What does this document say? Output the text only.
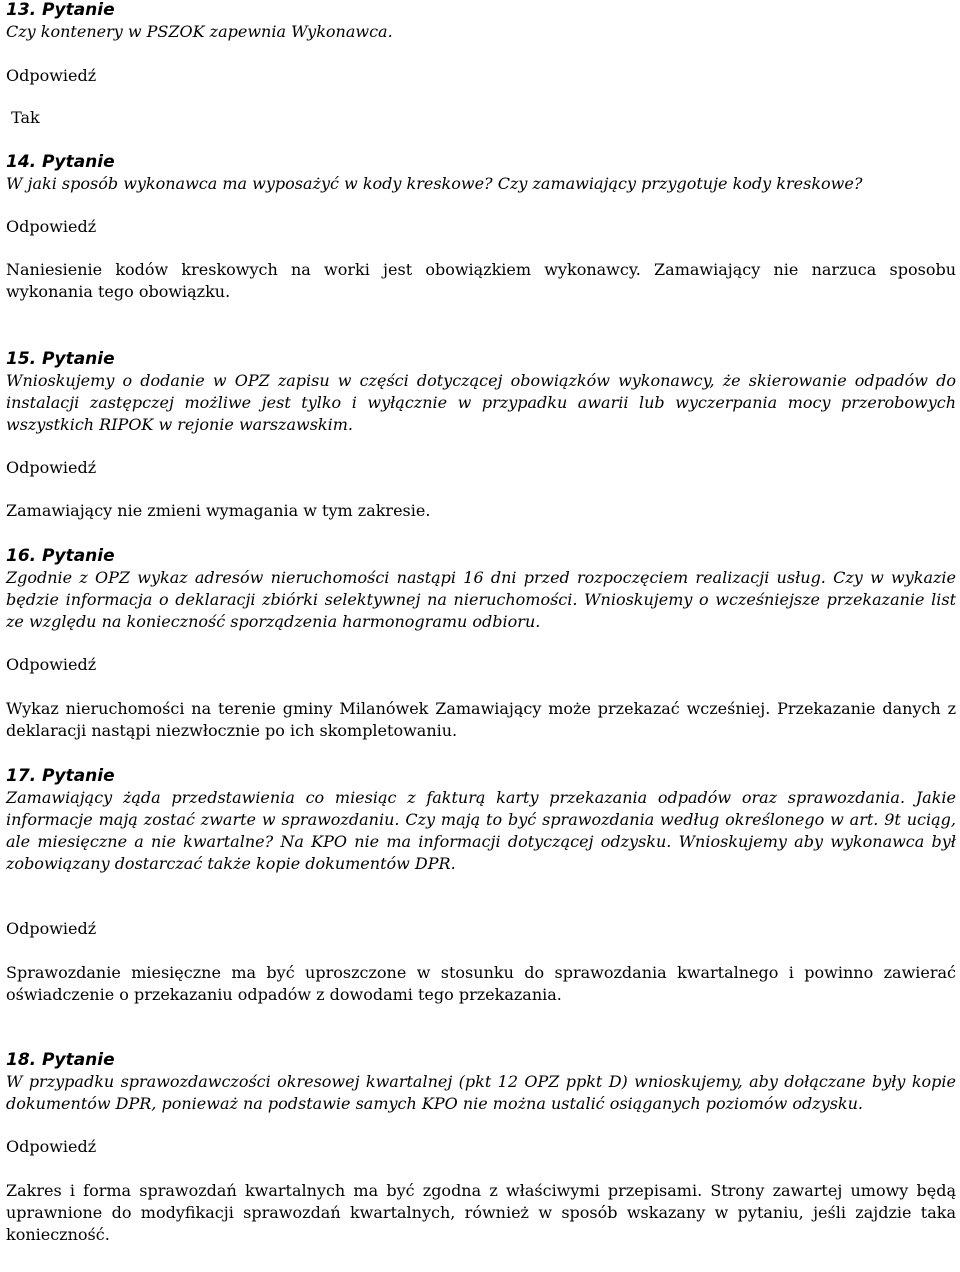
13. Pytanie

Czy kontenery w PSZOK zapewnia Wykonawca.

Odpowiedź

Tak

14. Pytanie

W jaki sposób wykonawca ma wyposażyć w kody kreskowe? Czy zamawiający przygotuje kody kreskowe?

Odpowiedź

Naniesienie kodów kreskowych na worki jest obowiązkiem wykonawcy. Zamawiający nie narzuca sposobu wykonania tego obowiązku.

15. Pytanie

Wnioskujemy o dodanie w OPZ zapisu w części dotyczącej obowiązków wykonawcy, że skierowanie odpadów do instalacji zastępczej możliwe jest tylko i wyłącznie w przypadku awarii lub wyczerpania mocy przerobowych wszystkich RIPOK w rejonie warszawskim.

Odpowiedź

Zamawiający nie zmieni wymagania w tym zakresie.

16. Pytanie

Zgodnie z OPZ wykaz adresów nieruchomości nastąpi 16 dni przed rozpoczęciem realizacji usług. Czy w wykazie będzie informacja o deklaracji zbiórki selektywnej na nieruchomości. Wnioskujemy o wcześniejsze przekazanie list ze względu na konieczność sporządzenia harmonogramu odbioru.

Odpowiedź

Wykaz nieruchomości na terenie gminy Milanówek Zamawiający może przekazać wcześniej. Przekazanie danych z deklaracji nastąpi niezwłocznie po ich skompletowaniu.

17. Pytanie

Zamawiający żąda przedstawienia co miesiąc z fakturą karty przekazania odpadów oraz sprawozdania. Jakie informacje mają zostać zwarte w sprawozdaniu. Czy mają to być sprawozdania według określonego w art. 9t uciąg, ale miesięczne a nie kwartalne? Na KPO nie ma informacji dotyczącej odzysku. Wnioskujemy aby wykonawca był zobowiązany dostarczać także kopie dokumentów DPR.

Odpowiedź

Sprawozdanie miesięczne ma być uproszczone w stosunku do sprawozdania kwartalnego i powinno zawierać oświadczenie o przekazaniu odpadów z dowodami tego przekazania.

18. Pytanie

W przypadku sprawozdawczości okresowej kwartalnej (pkt 12 OPZ ppkt D) wnioskujemy, aby dołączane były kopie dokumentów DPR, ponieważ na podstawie samych KPO nie można ustalić osiąganych poziomów odzysku.

Odpowiedź

Zakres i forma sprawozdań kwartalnych ma być zgodna z właściwymi przepisami. Strony zawartej umowy będą uprawnione do modyfikacji sprawozdań kwartalnych, również w sposób wskazany w pytaniu, jeśli zajdzie taka konieczność.
